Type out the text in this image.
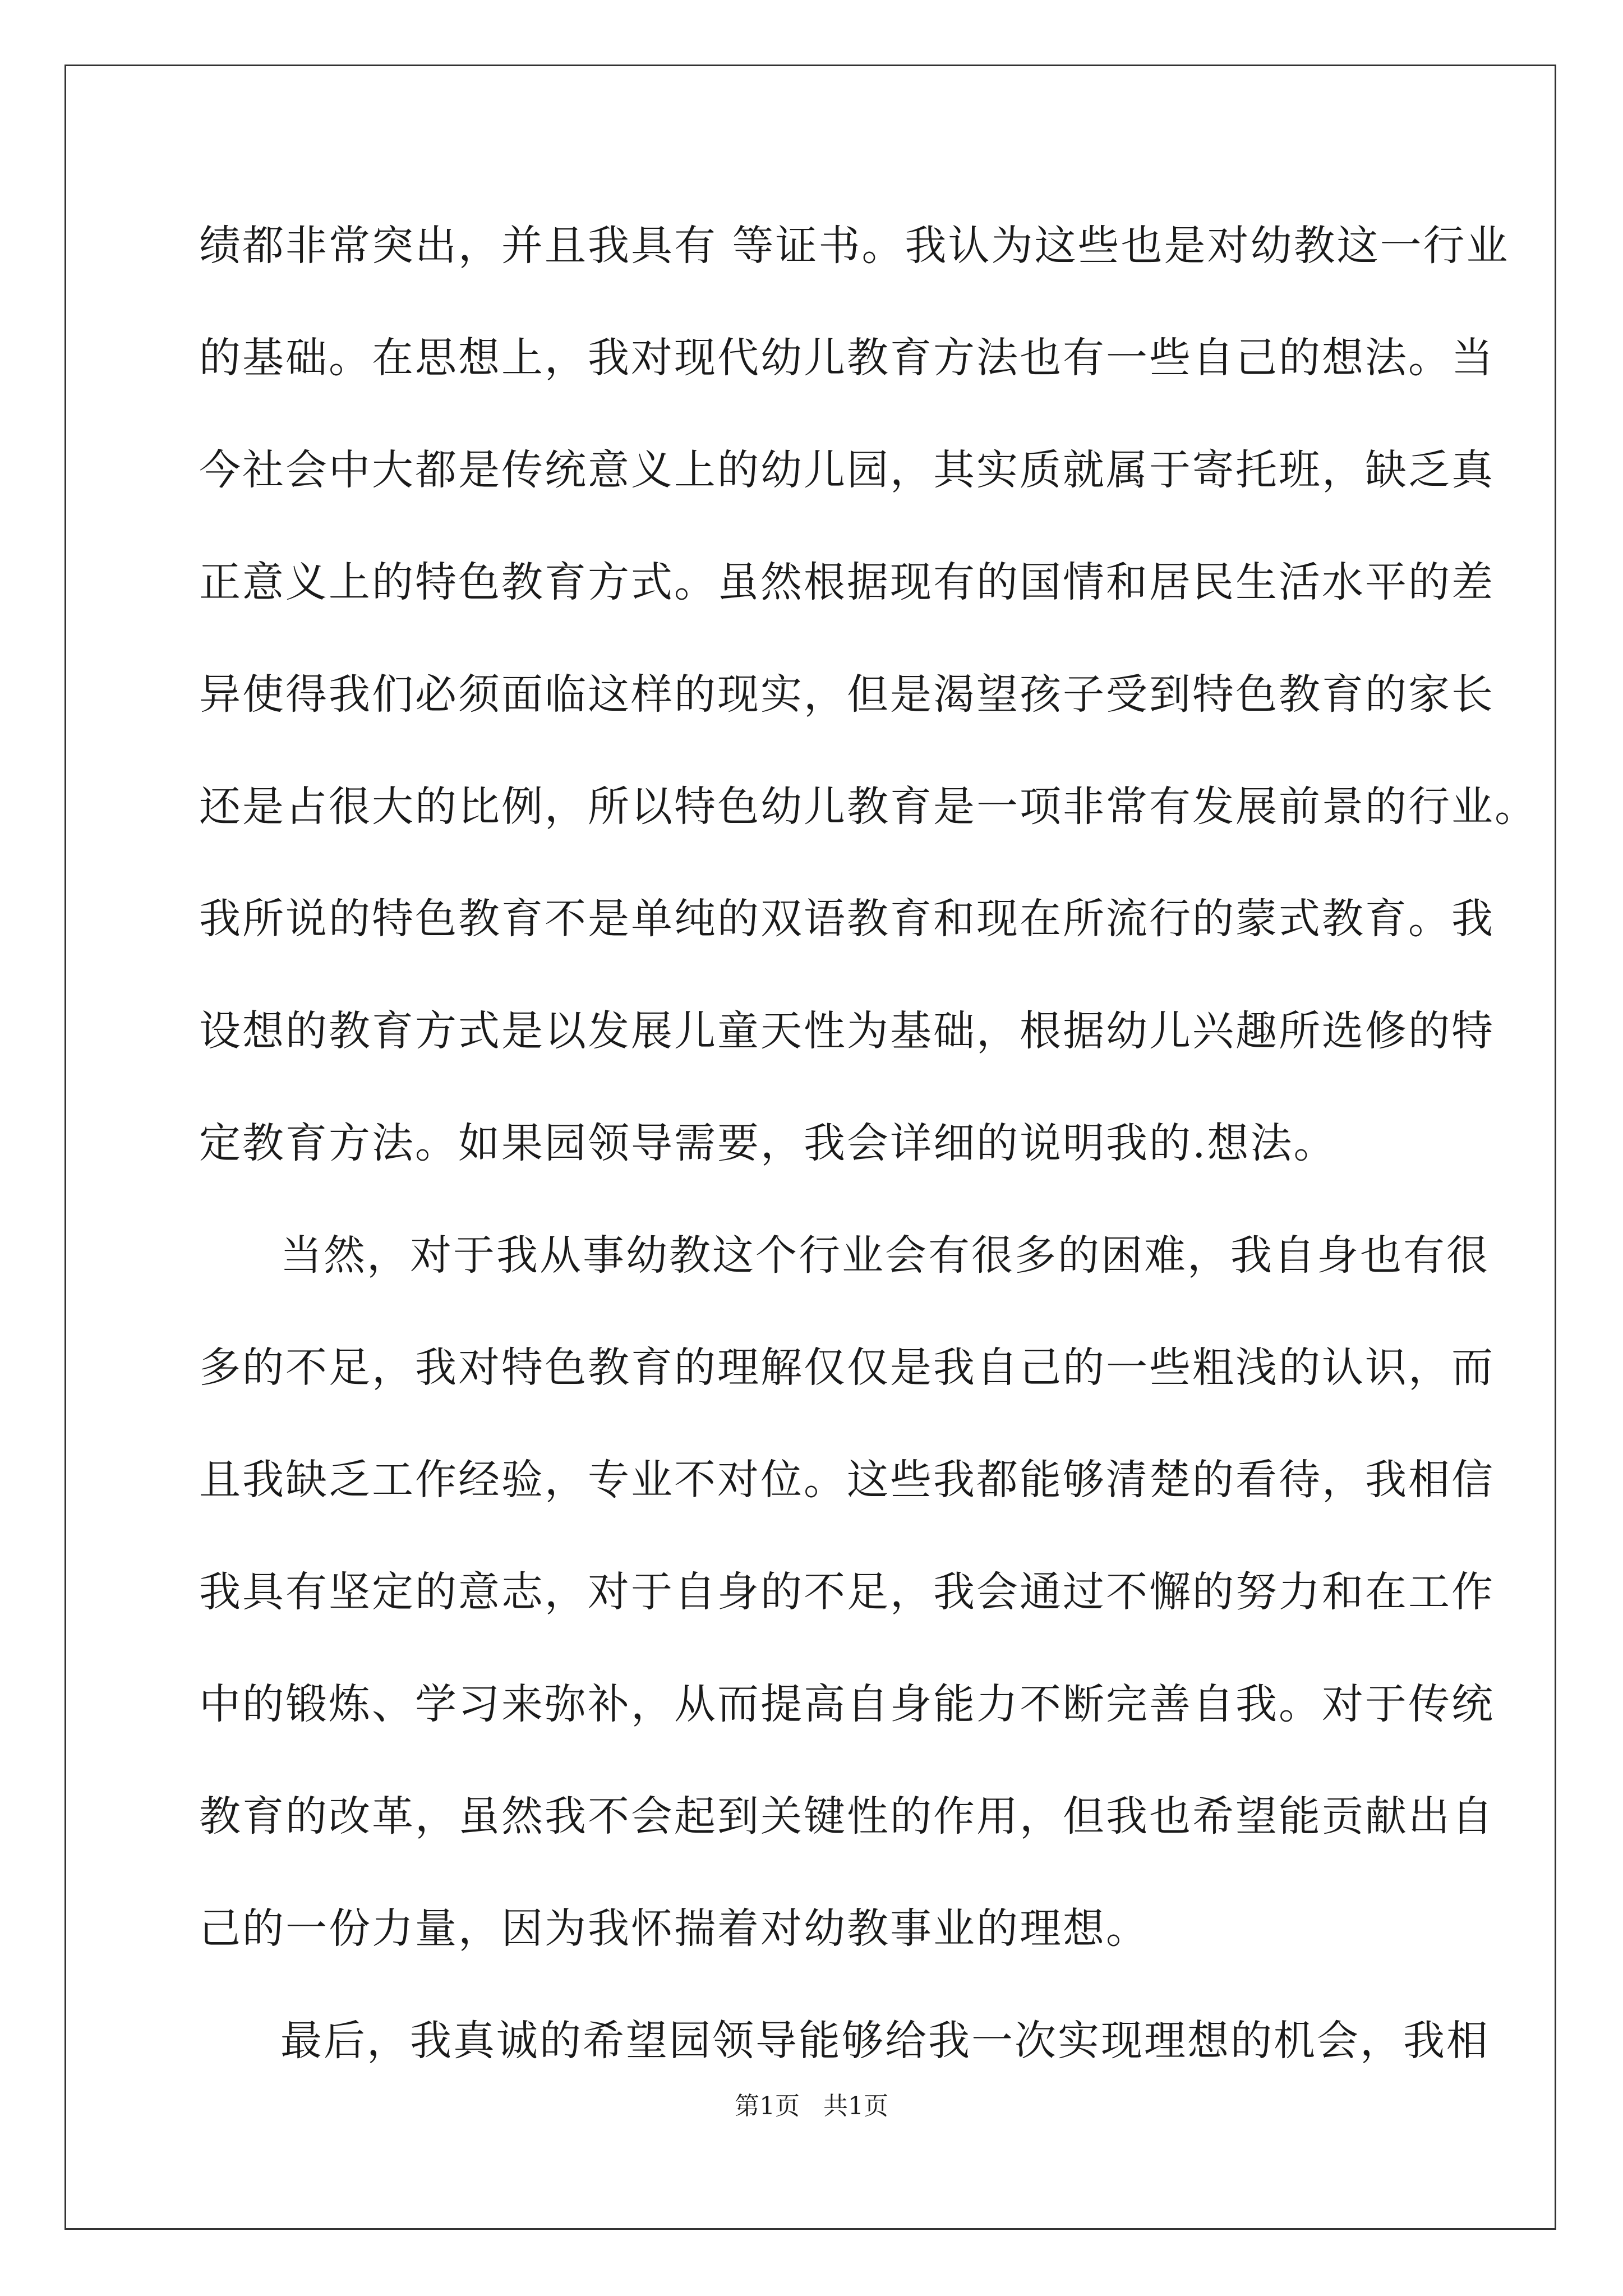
绩都非常突出，并且我具有 等证书。我认为这些也是对幼教这一行业
的基础。在思想上，我对现代幼儿教育方法也有一些自己的想法。当
今社会中大都是传统意义上的幼儿园，其实质就属于寄托班，缺乏真
正意义上的特色教育方式。虽然根据现有的国情和居民生活水平的差
异使得我们必须面临这样的现实，但是渴望孩子受到特色教育的家长
还是占很大的比例，所以特色幼儿教育是一项非常有发展前景的行业。
我所说的特色教育不是单纯的双语教育和现在所流行的蒙式教育。我
设想的教育方式是以发展儿童天性为基础，根据幼儿兴趣所选修的特
定教育方法。如果园领导需要，我会详细的说明我的.想法。
当然，对于我从事幼教这个行业会有很多的困难，我自身也有很
多的不足，我对特色教育的理解仅仅是我自己的一些粗浅的认识，而
且我缺乏工作经验，专业不对位。这些我都能够清楚的看待，我相信
我具有坚定的意志，对于自身的不足，我会通过不懈的努力和在工作
中的锻炼、学习来弥补，从而提高自身能力不断完善自我。对于传统
教育的改革，虽然我不会起到关键性的作用，但我也希望能贡献出自
己的一份力量，因为我怀揣着对幼教事业的理想。
最后，我真诚的希望园领导能够给我一次实现理想的机会，我相
第1页   共1页
